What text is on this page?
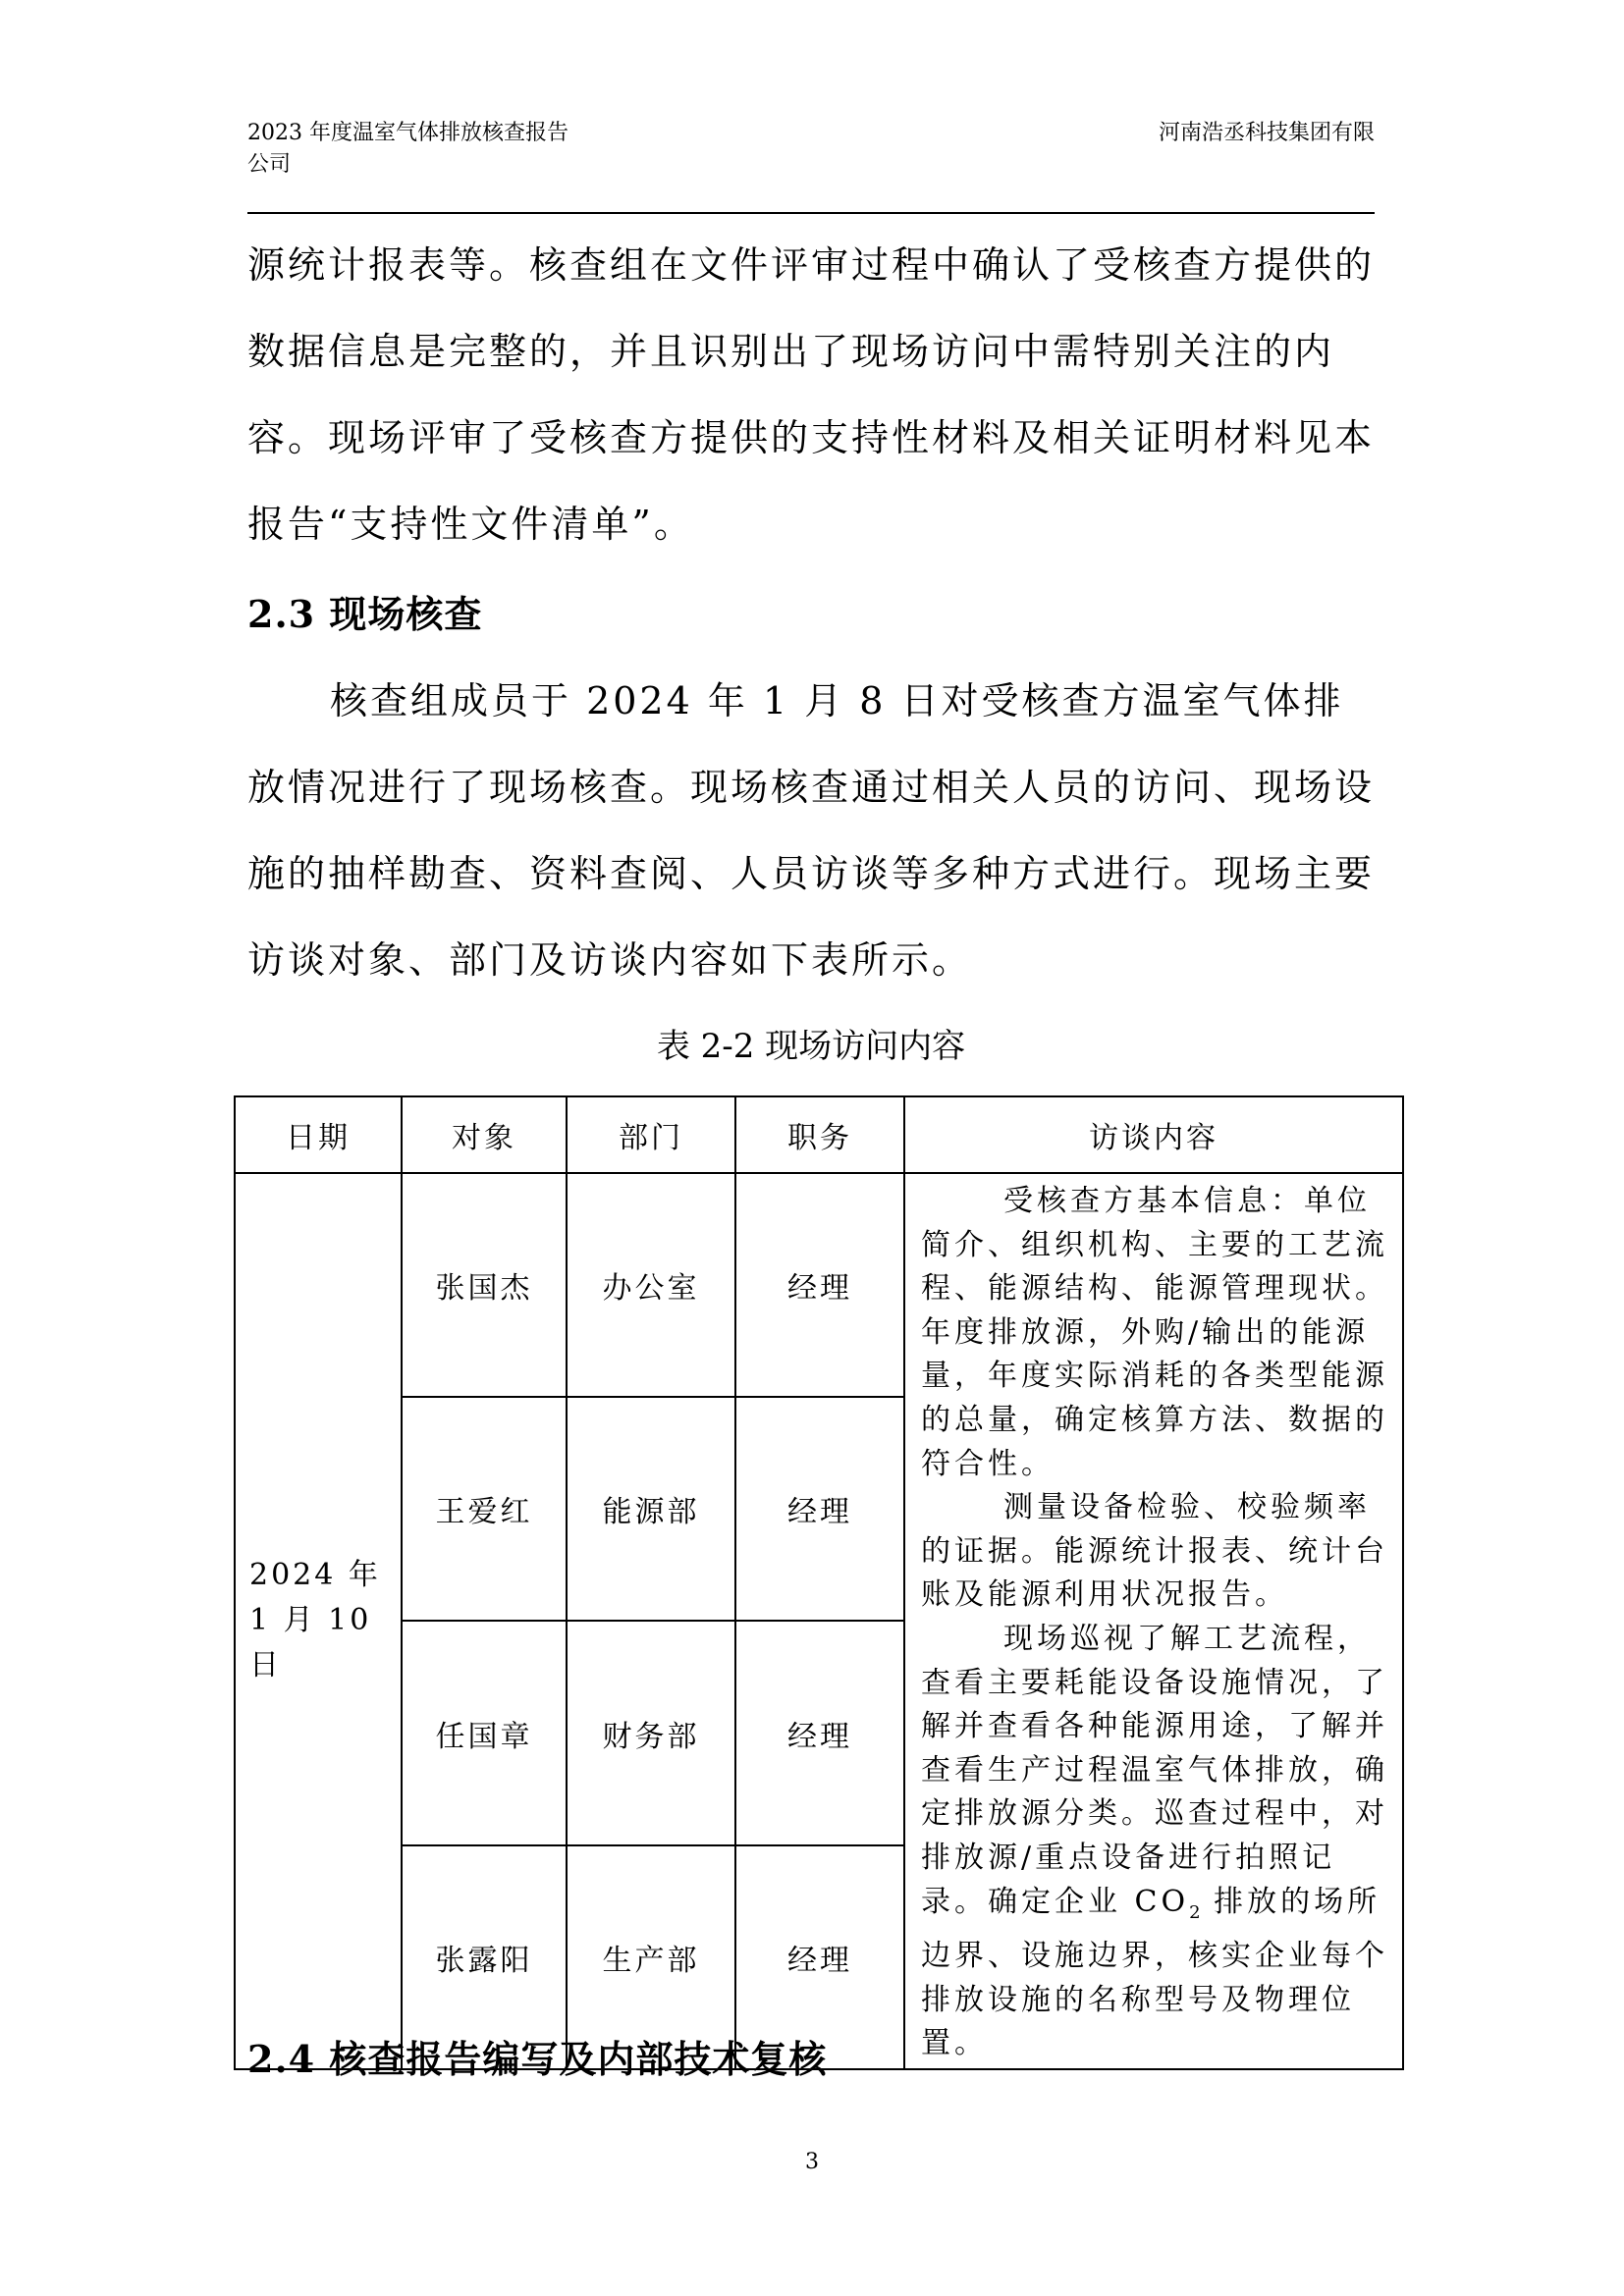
2023 年度温室气体排放核查报告
公司
河南浩丞科技集团有限

源统计报表等。核查组在文件评审过程中确认了受核查方提供的数据信息是完整的，并且识别出了现场访问中需特别关注的内容。现场评审了受核查方提供的支持性材料及相关证明材料见本报告“支持性文件清单”。

2.3 现场核查

核查组成员于 2024 年 1 月 8 日对受核查方温室气体排放情况进行了现场核查。现场核查通过相关人员的访问、现场设施的抽样勘查、资料查阅、人员访谈等多种方式进行。现场主要访谈对象、部门及访谈内容如下表所示。

表 2-2 现场访问内容
日期	对象	部门	职务	访谈内容
2024 年 1 月 10 日	张国杰	办公室	经理	受核查方基本信息：单位简介、组织机构、主要的工艺流程、能源结构、能源管理现状。年度排放源，外购/输出的能源量，年度实际消耗的各类型能源的总量，确定核算方法、数据的符合性。

测量设备检验、校验频率的证据。能源统计报表、统计台账及能源利用状况报告。

现场巡视了解工艺流程，查看主要耗能设备设施情况，了解并查看各种能源用途，了解并查看生产过程温室气体排放，确定排放源分类。巡查过程中，对排放源/重点设备进行拍照记录。确定企业 $CO_2$ 排放的场所边界、设施边界，核实企业每个排放设施的名称型号及物理位置。

	王爱红	能源部	经理	
	任国章	财务部	经理	
	张露阳	生产部	经理	
2.4 核查报告编写及内部技术复核
3
